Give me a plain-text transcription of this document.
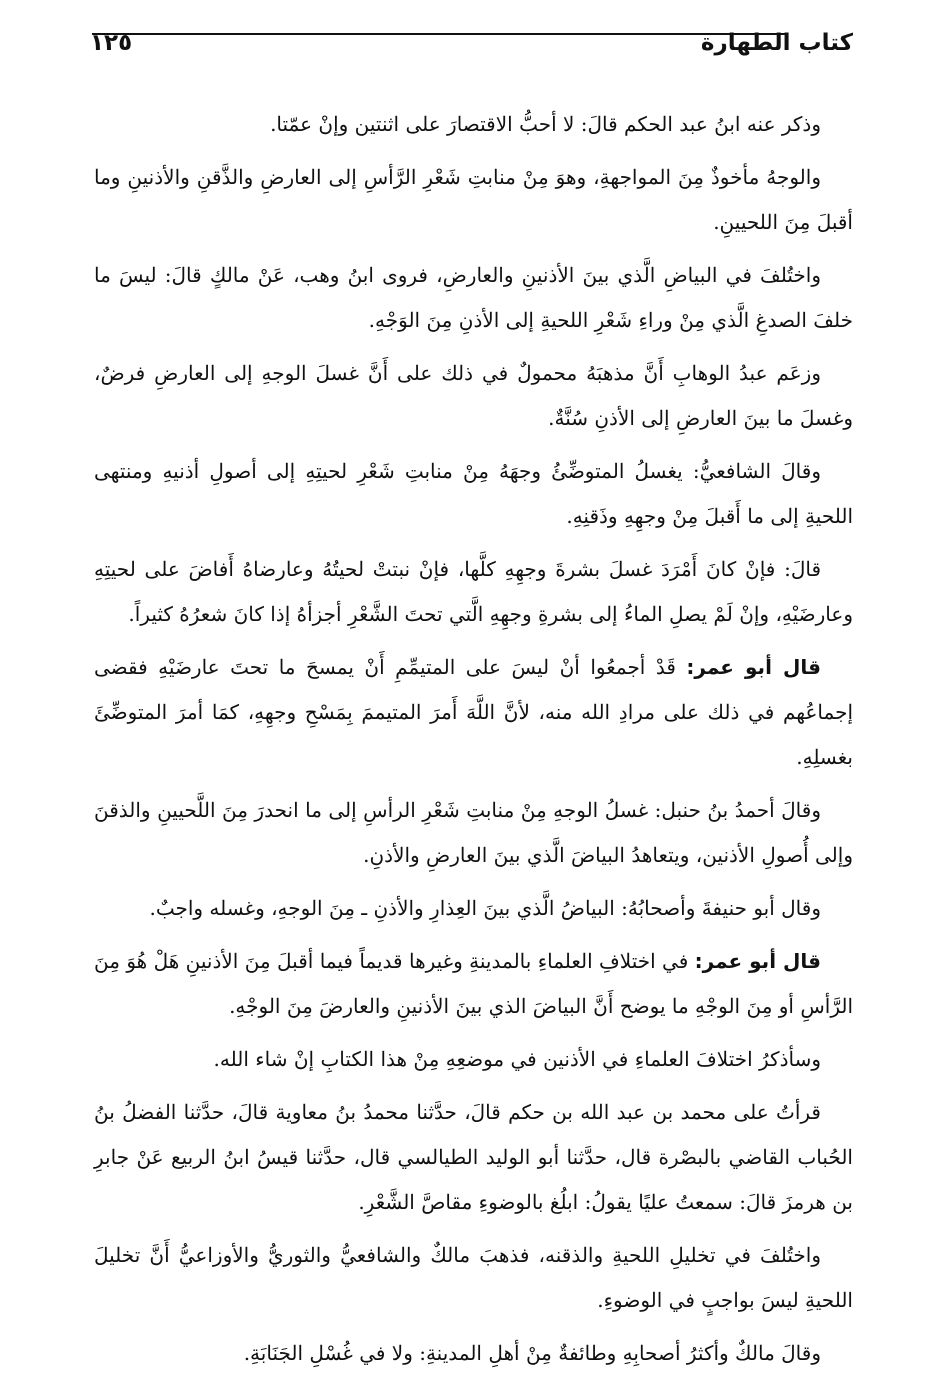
كتاب الطهارة
١٢٥

وذكر عنه ابنُ عبد الحكم قالَ: لا أحبُّ الاقتصارَ على اثنتين وإنْ عمّتا.

والوجهُ مأخوذٌ مِنَ المواجهةِ، وهوَ مِنْ منابتِ شَعْرِ الرَّأسِ إلى العارضِ والذَّقنِ والأذنينِ وما أقبلَ مِنَ اللحيينِ.

واختُلفَ في البياضِ الَّذي بينَ الأذنينِ والعارضِ، فروى ابنُ وهب، عَنْ مالكٍ قالَ: ليسَ ما خلفَ الصدغِ الَّذي مِنْ وراءِ شَعْرِ اللحيةِ إلى الأذنِ مِنَ الوَجْهِ.

وزعَم عبدُ الوهابِ أَنَّ مذهبَهُ محمولٌ في ذلك على أَنَّ غسلَ الوجهِ إلى العارضِ فرضٌ، وغسلَ ما بينَ العارضِ إلى الأذنِ سُنَّةٌ.

وقالَ الشافعيُّ: يغسلُ المتوضِّئُ وجهَهُ مِنْ منابتِ شَعْرِ لحيتِهِ إلى أصولِ أذنيهِ ومنتهى اللحيةِ إلى ما أَقبلَ مِنْ وجهِهِ وذَقنِهِ.

قالَ: فإنْ كانَ أَمْرَدَ غسلَ بشرةَ وجهِهِ كلَّها، فإنْ نبتتْ لحيتُهُ وعارضاهُ أَفاضَ على لحيتِهِ وعارضَيْهِ، وإنْ لَمْ يصلِ الماءُ إلى بشرةِ وجهِهِ الَّتي تحتَ الشَّعْرِ أجزأهُ إذا كانَ شعرُهُ كثيراً.

قال أبو عمر: قَدْ أجمعُوا أنْ ليسَ على المتيمِّمِ أَنْ يمسحَ ما تحتَ عارضَيْهِ فقضى إجماعُهم في ذلك على مرادِ الله منه، لأنَّ اللَّهَ أَمرَ المتيممَ بِمَسْحِ وجهِهِ، كمَا أمرَ المتوضِّئَ بغسلِهِ.

وقالَ أحمدُ بنُ حنبل: غسلُ الوجهِ مِنْ منابتِ شَعْرِ الرأسِ إلى ما انحدرَ مِنَ اللَّحيينِ والذقنَ وإلى أُصولِ الأذنين، ويتعاهدُ البياضَ الَّذي بينَ العارضِ والأذنِ.

وقال أبو حنيفةَ وأصحابُهُ: البياضُ الَّذي بينَ العِذارِ والأذنِ ـ مِنَ الوجهِ، وغسله واجبٌ.

قال أبو عمر: في اختلافِ العلماءِ بالمدينةِ وغيرها قديماً فيما أقبلَ مِنَ الأذنينِ هَلْ هُوَ مِنَ الرَّأسِ أو مِنَ الوجْهِ ما يوضح أَنَّ البياضَ الذي بينَ الأذنينِ والعارضَ مِنَ الوجْهِ.

وسأذكرُ اختلافَ العلماءِ في الأذنين في موضعِهِ مِنْ هذا الكتابِ إنْ شاء الله.

قرأتُ على محمد بن عبد الله بن حكم قالَ، حدَّثنا محمدُ بنُ معاوية قالَ، حدَّثنا الفضلُ بنُ الحُباب القاضي بالبصْرة قال، حدَّثنا أبو الوليد الطيالسي قال، حدَّثنا قيسُ ابنُ الربيع عَنْ جابرِ بن هرمزَ قالَ: سمعتُ عليًا يقولُ: ابلُغ بالوضوءِ مقاصَّ الشَّعْرِ.

واختُلفَ في تخليلِ اللحيةِ والذقنه، فذهبَ مالكٌ والشافعيُّ والثوريُّ والأوزاعيُّ أَنَّ تخليلَ اللحيةِ ليسَ بواجبٍ في الوضوءِ.

وقالَ مالكٌ وأكثرُ أصحابِهِ وطائفةٌ مِنْ أهلِ المدينةِ: ولا في غُسْلِ الجَنَابَةِ.
